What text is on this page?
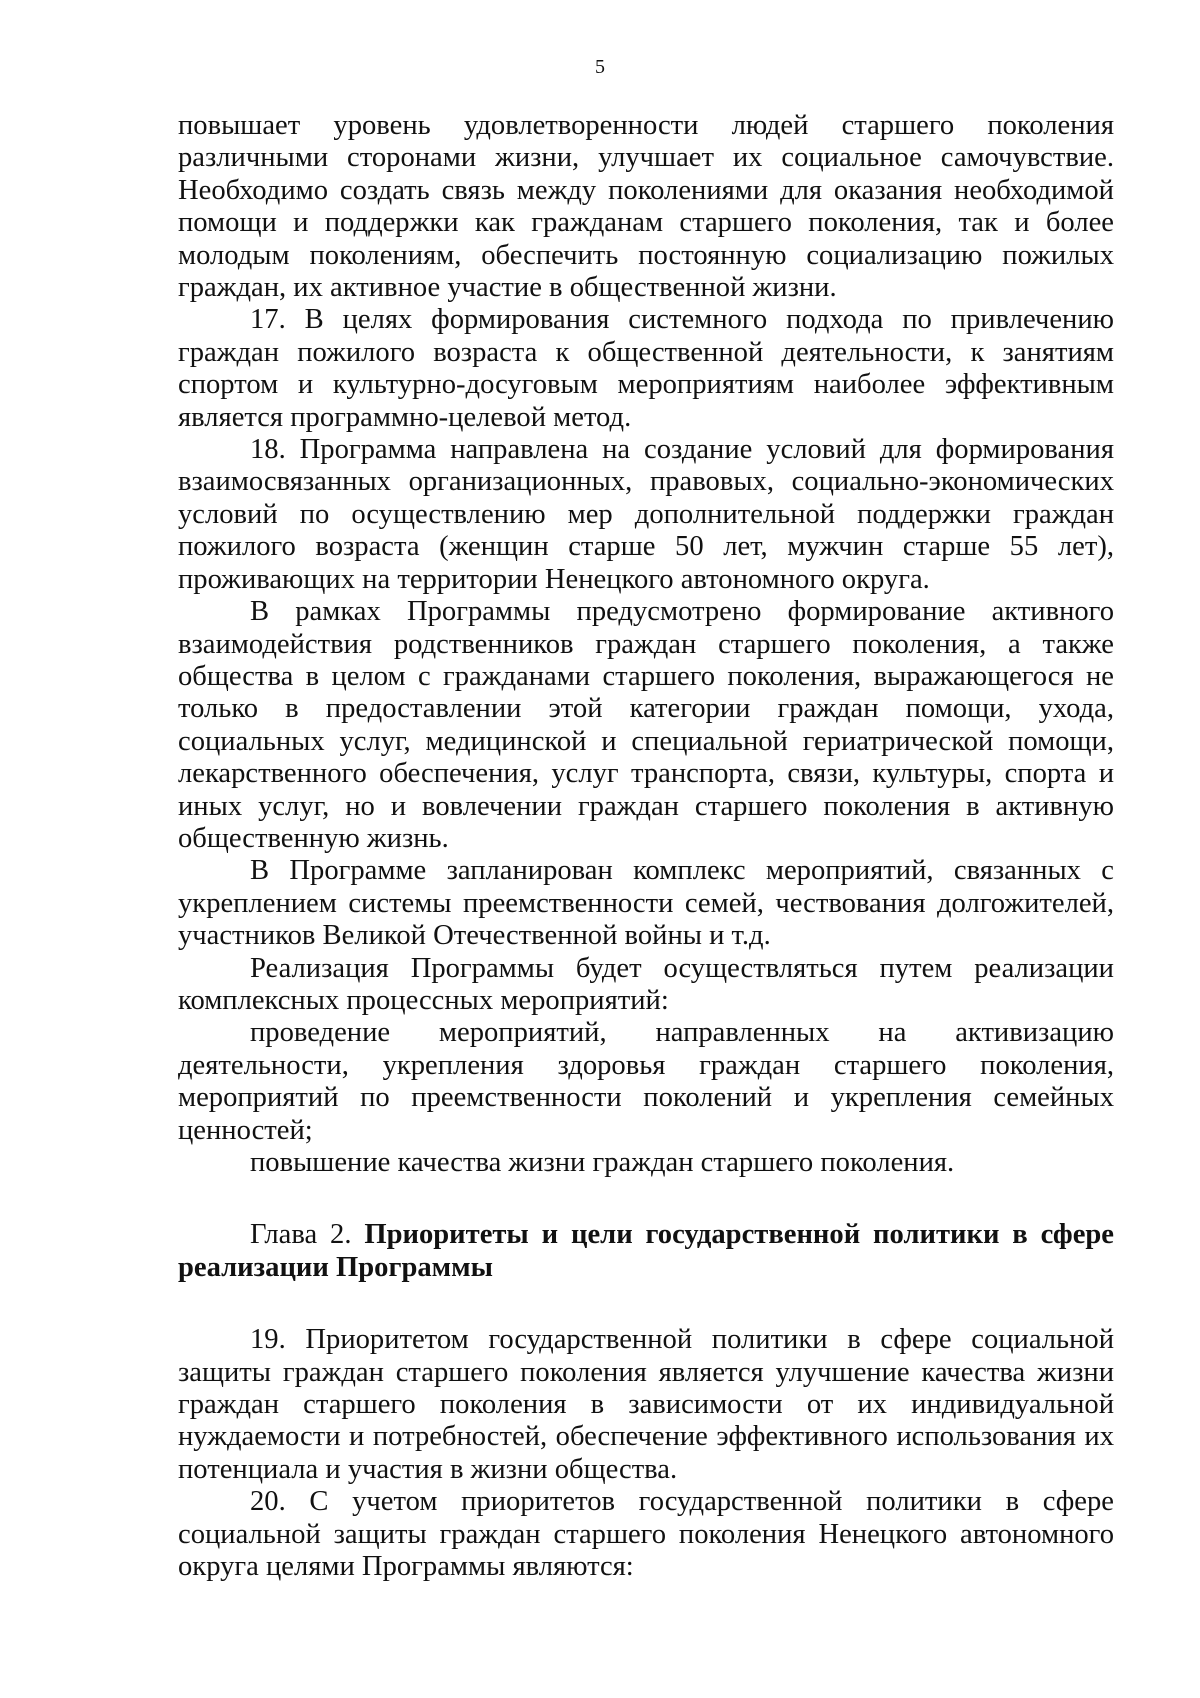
5

повышает уровень удовлетворенности людей старшего поколения различными сторонами жизни, улучшает их социальное самочувствие. Необходимо создать связь между поколениями для оказания необходимой помощи и поддержки как гражданам старшего поколения, так и более молодым поколениям, обеспечить постоянную социализацию пожилых граждан, их активное участие в общественной жизни.

17. В целях формирования системного подхода по привлечению граждан пожилого возраста к общественной деятельности, к занятиям спортом и культурно-досуговым мероприятиям наиболее эффективным является программно-целевой метод.

18. Программа направлена на создание условий для формирования взаимосвязанных организационных, правовых, социально-экономических условий по осуществлению мер дополнительной поддержки граждан пожилого возраста (женщин старше 50 лет, мужчин старше 55 лет), проживающих на территории Ненецкого автономного округа.

В рамках Программы предусмотрено формирование активного взаимодействия родственников граждан старшего поколения, а также общества в целом с гражданами старшего поколения, выражающегося не только в предоставлении этой категории граждан помощи, ухода, социальных услуг, медицинской и специальной гериатрической помощи, лекарственного обеспечения, услуг транспорта, связи, культуры, спорта и иных услуг, но и вовлечении граждан старшего поколения в активную общественную жизнь.

В Программе запланирован комплекс мероприятий, связанных с укреплением системы преемственности семей, чествования долгожителей, участников Великой Отечественной войны и т.д.

Реализация Программы будет осуществляться путем реализации комплексных процессных мероприятий:

проведение мероприятий, направленных на активизацию деятельности, укрепления здоровья граждан старшего поколения, мероприятий по преемственности поколений и укрепления семейных ценностей;

повышение качества жизни граждан старшего поколения.

Глава 2. Приоритеты и цели государственной политики в сфере реализации Программы

19. Приоритетом государственной политики в сфере социальной защиты граждан старшего поколения является улучшение качества жизни граждан старшего поколения в зависимости от их индивидуальной нуждаемости и потребностей, обеспечение эффективного использования их потенциала и участия в жизни общества.

20. С учетом приоритетов государственной политики в сфере социальной защиты граждан старшего поколения Ненецкого автономного округа целями Программы являются:
